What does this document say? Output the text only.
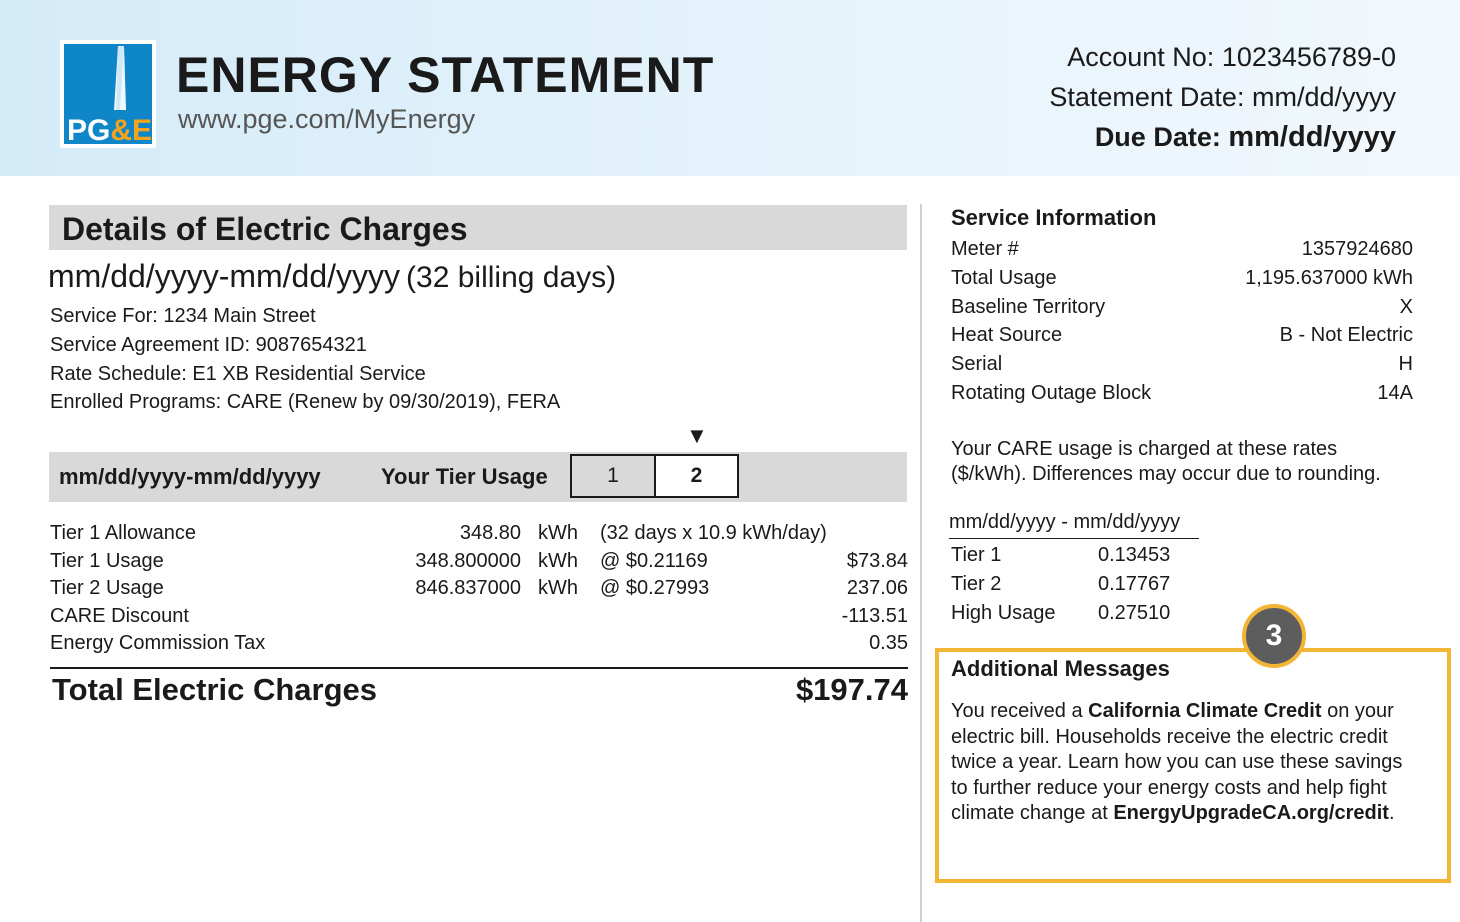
PG&E
ENERGY STATEMENT
www.pge.com/MyEnergy
Account No: 1023456789-0
Statement Date: mm/dd/yyyy
Due Date: mm/dd/yyyy
Details of Electric Charges
mm/dd/yyyy-mm/dd/yyyy (32 billing days)
Service For: 1234 Main Street
Service Agreement ID: 9087654321
Rate Schedule: E1 XB Residential Service
Enrolled Programs: CARE (Renew by 09/30/2019), FERA
▼
mm/dd/yyyy-mm/dd/yyyy	Your Tier Usage	1	2
Tier 1 Allowance	348.80 kWh (32 days x 10.9 kWh/day)
Tier 1 Usage	348.800000 kWh @ $0.21169	$73.84
Tier 2 Usage	846.837000 kWh @ $0.27993	237.06
CARE Discount	-113.51
Energy Commission Tax	0.35
Total Electric Charges	$197.74
Service Information
Meter #	1357924680
Total Usage	1,195.637000 kWh
Baseline Territory	X
Heat Source	B - Not Electric
Serial	H
Rotating Outage Block	14A
Your CARE usage is charged at these rates ($/kWh). Differences may occur due to rounding.
mm/dd/yyyy - mm/dd/yyyy
Tier 1	0.13453
Tier 2	0.17767
High Usage 0.27510
3
Additional Messages
You received a California Climate Credit on your electric bill. Households receive the electric credit twice a year. Learn how you can use these savings to further reduce your energy costs and help fight climate change at EnergyUpgradeCA.org/credit.
